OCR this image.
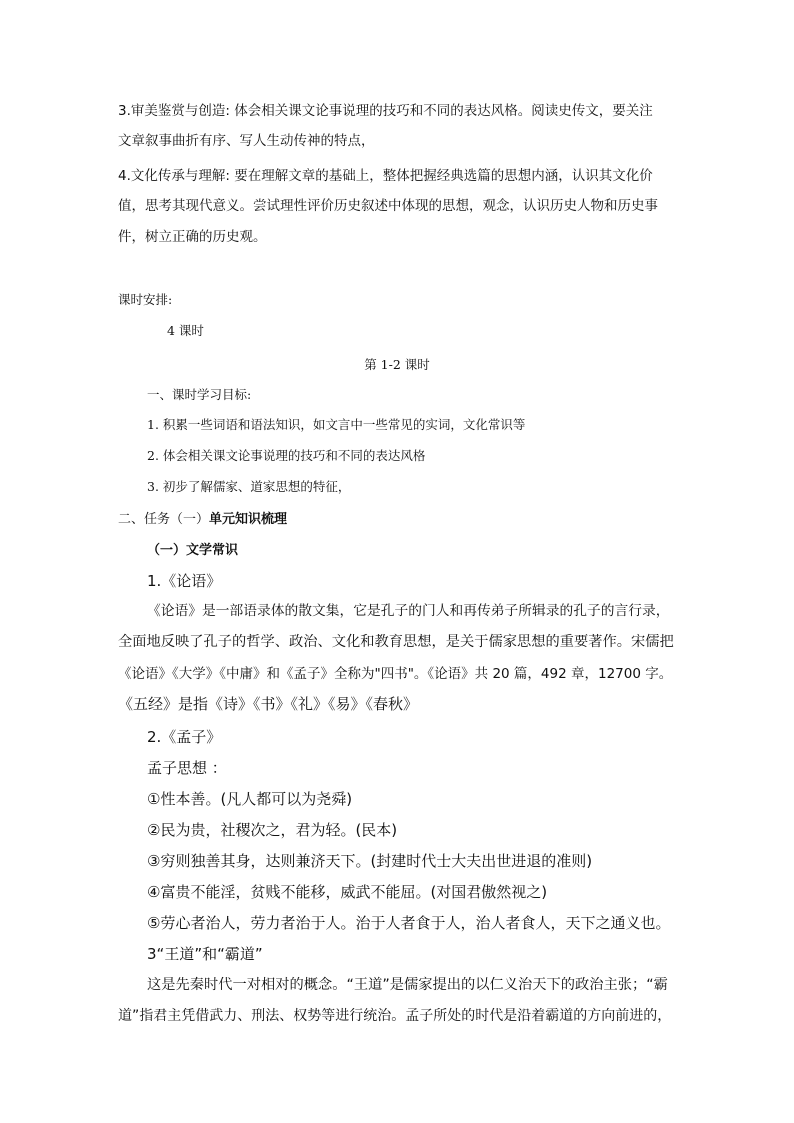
3.审美鉴赏与创造: 体会相关课文论事说理的技巧和不同的表达风格。阅读史传文，要关注
文章叙事曲折有序、写人生动传神的特点，
4.文化传承与理解: 要在理解文章的基础上，整体把握经典选篇的思想内涵，认识其文化价
值，思考其现代意义。尝试理性评价历史叙述中体现的思想，观念，认识历史人物和历史事
件，树立正确的历史观。
课时安排:
4 课时
第 1-2 课时
一、课时学习目标:
1. 积累一些词语和语法知识，如文言中一些常见的实词，文化常识等
2. 体会相关课文论事说理的技巧和不同的表达风格
3. 初步了解儒家、道家思想的特征，
二、任务（一）单元知识梳理
（一）文学常识
1.《论语》
《论语》是一部语录体的散文集，它是孔子的门人和再传弟子所辑录的孔子的言行录，
全面地反映了孔子的哲学、政治、文化和教育思想，是关于儒家思想的重要著作。宋儒把
《论语》《大学》《中庸》和《孟子》全称为"四书"。《论语》共 20 篇，492 章，12700 字。
《五经》是指《诗》《书》《礼》《易》《春秋》
2.《孟子》
孟子思想 ：
①性本善。(凡人都可以为尧舜)
②民为贵，社稷次之，君为轻。(民本)
③穷则独善其身，达则兼济天下。(封建时代士大夫出世进退的准则)
④富贵不能淫，贫贱不能移，威武不能屈。(对国君傲然视之)
⑤劳心者治人，劳力者治于人。治于人者食于人，治人者食人，天下之通义也。
3“王道”和“霸道”
这是先秦时代一对相对的概念。“王道”是儒家提出的以仁义治天下的政治主张；“霸
道”指君主凭借武力、刑法、权势等进行统治。孟子所处的时代是沿着霸道的方向前进的，
